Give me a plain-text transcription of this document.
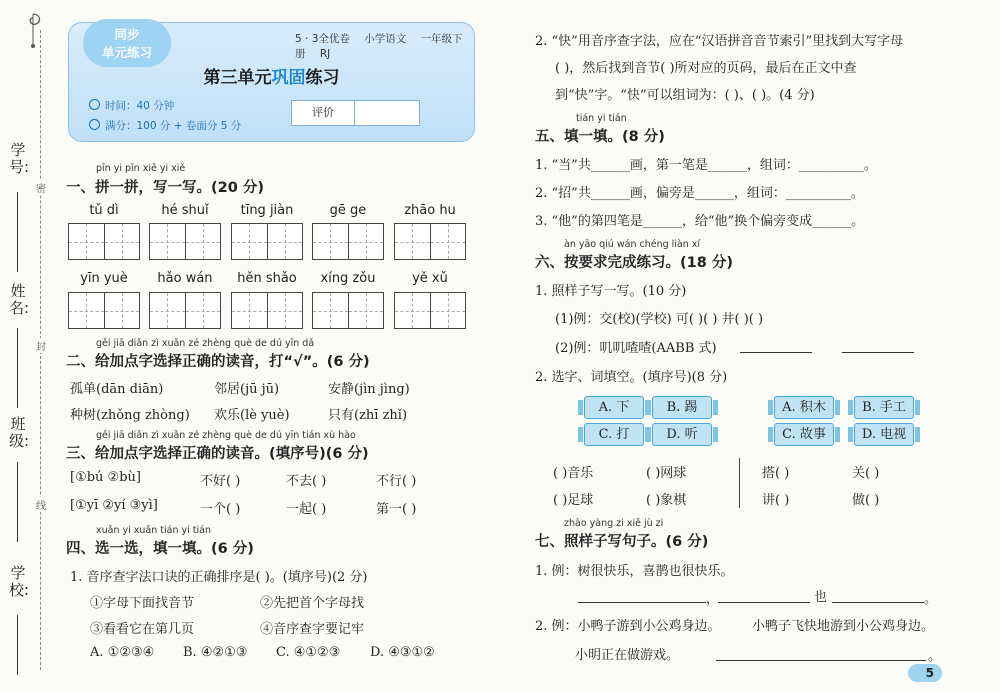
学号:
姓名:
班级:
学校:
密
封
线
同步
单元练习
5 · 3全优卷 小学语文 一年级下册 RJ
第三单元巩固练习
时间：40 分钟
满分：100 分 + 卷面分 5 分
评价
pīn yi pīn xiě yi xiě
一、拼一拼，写一写。(20 分)
tǔ dì	hé shuǐ	tīng jiàn	gē ge	zhāo hu
yīn yuè	hǎo wán	hěn shǎo	xíng zǒu	yě xǔ
gěi jiā diǎn zì xuǎn zé zhèng què de dú yīn dǎ
二、给加点字选择正确的读音，打“√”。(6 分)
孤单(dān diān)	邻居(jū jū)	安静(jìn jìng)
种树(zhǒng zhòng) 欢乐(lè yuè)	只有(zhī zhǐ)
gěi jiā diǎn zì xuǎn zé zhèng què de dú yīn tián xù hào
三、给加点字选择正确的读音。(填序号)(6 分)
[①bú ②bù]	不好( )	不去( )	不行( )
[①yī ②yí ③yì]	一个( )	一起( )	第一( )
xuǎn yi xuǎn tián yi tián
四、选一选，填一填。(6 分)
1. 音序查字法口诀的正确排序是( )。(填序号)(2 分)
①字母下面找音节	②先把首个字母找
③看看它在第几页	④音序查字要记牢
A. ①②③④ B. ④②①③ C. ④①②③ D. ④③①②
2. “快”用音序查字法，应在“汉语拼音音节索引”里找到大写字母
( )，然后找到音节( )所对应的页码，最后在正文中查
到“快”字。“快”可以组词为：( )、( )。(4 分)
tián yi tián
五、填一填。(8 分)
1. “当”共______画，第一笔是______，组词：__________。
2. “招”共______画，偏旁是______，组词：__________。
3. “他”的第四笔是______，给“他”换个偏旁变成______。
àn yāo qiú wán chéng liàn xí
六、按要求完成练习。(18 分)
1. 照样子写一写。(10 分)
(1)例：交(校)(学校) 可( )( ) 井( )( )
(2)例：叽叽喳喳(AABB 式)
2. 选字、词填空。(填序号)(8 分)
A. 下	B. 踢
C. 打	D. 听
A. 积木	B. 手工
C. 故事	D. 电视
( )音乐	( )网球
( )足球	( )象棋
搭( )	关( )
讲( )	做( )
zhào yàng zi xiě jù zi
七、照样子写句子。(6 分)
1. 例：树很快乐，喜鹊也很快乐。
，	也	。
2. 例：小鸭子游到小公鸡身边。 小鸭子飞快地游到小公鸡身边。
小明正在做游戏。	。
5
